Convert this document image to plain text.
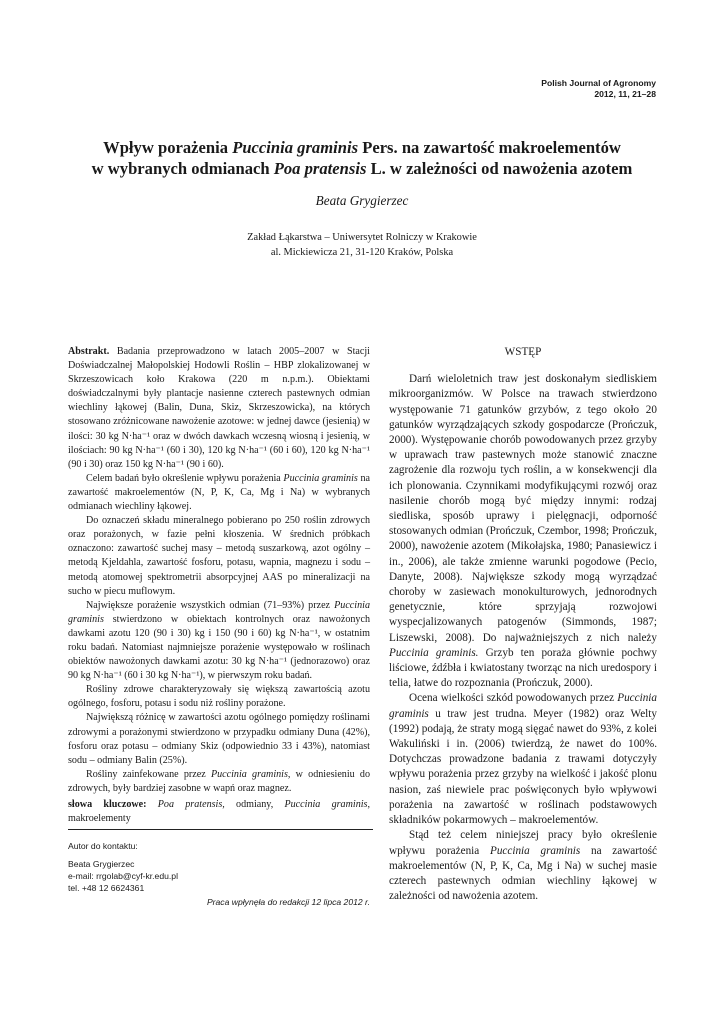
Polish Journal of Agronomy
2012, 11, 21–28
Wpływ porażenia Puccinia graminis Pers. na zawartość makroelementów
w wybranych odmianach Poa pratensis L. w zależności od nawożenia azotem
Beata Grygierzec
Zakład Łąkarstwa – Uniwersytet Rolniczy w Krakowie
al. Mickiewicza 21, 31-120 Kraków, Polska

Abstrakt. Badania przeprowadzono w latach 2005–2007 w Stacji Doświadczalnej Małopolskiej Hodowli Roślin – HBP zlokalizowanej w Skrzeszowicach koło Krakowa (220 m n.p.m.). Obiektami doświadczalnymi były plantacje nasienne czterech pastewnych odmian wiechliny łąkowej (Balin, Duna, Skiz, Skrzeszowicka), na których stosowano zróżnicowane nawożenie azotowe: w jednej dawce (jesienią) w ilości: 30 kg N·ha⁻¹ oraz w dwóch dawkach wczesną wiosną i jesienią, w ilościach: 90 kg N·ha⁻¹ (60 i 30), 120 kg N·ha⁻¹ (60 i 60), 120 kg N·ha⁻¹ (90 i 30) oraz 150 kg N·ha⁻¹ (90 i 60).

Celem badań było określenie wpływu porażenia Puccinia graminis na zawartość makroelementów (N, P, K, Ca, Mg i Na) w wybranych odmianach wiechliny łąkowej.

Do oznaczeń składu mineralnego pobierano po 250 roślin zdrowych oraz porażonych, w fazie pełni kłoszenia. W średnich próbkach oznaczono: zawartość suchej masy – metodą suszarkową, azot ogólny – metodą Kjeldahla, zawartość fosforu, potasu, wapnia, magnezu i sodu – metodą atomowej spektrometrii absorpcyjnej AAS po mineralizacji na sucho w piecu muflowym.

Największe porażenie wszystkich odmian (71–93%) przez Puccinia graminis stwierdzono w obiektach kontrolnych oraz nawożonych dawkami azotu 120 (90 i 30) kg i 150 (90 i 60) kg N·ha⁻¹, w ostatnim roku badań. Natomiast najmniejsze porażenie występowało w roślinach obiektów nawożonych dawkami azotu: 30 kg N·ha⁻¹ (jednorazowo) oraz 90 kg N·ha⁻¹ (60 i 30 kg N·ha⁻¹), w pierwszym roku badań.

Rośliny zdrowe charakteryzowały się większą zawartością azotu ogólnego, fosforu, potasu i sodu niż rośliny porażone.

Największą różnicę w zawartości azotu ogólnego pomiędzy roślinami zdrowymi a porażonymi stwierdzono w przypadku odmiany Duna (42%), fosforu oraz potasu – odmiany Skiz (odpowiednio 33 i 43%), natomiast sodu – odmiany Balin (25%).

Rośliny zainfekowane przez Puccinia graminis, w odniesieniu do zdrowych, były bardziej zasobne w wapń oraz magnez.

słowa kluczowe: Poa pratensis, odmiany, Puccinia graminis, makroelementy

WSTĘP

Darń wieloletnich traw jest doskonałym siedliskiem mikroorganizmów. W Polsce na trawach stwierdzono występowanie 71 gatunków grzybów, z tego około 20 gatunków wyrządzających szkody gospodarcze (Prończuk, 2000). Występowanie chorób powodowanych przez grzyby w uprawach traw pastewnych może stanowić znaczne zagrożenie dla rozwoju tych roślin, a w konsekwencji dla ich plonowania. Czynnikami modyfikującymi rozwój oraz nasilenie chorób mogą być między innymi: rodzaj siedliska, sposób uprawy i pielęgnacji, odporność stosowanych odmian (Prończuk, Czembor, 1998; Prończuk, 2000), nawożenie azotem (Mikołajska, 1980; Panasiewicz i in., 2006), ale także zmienne warunki pogodowe (Pecio, Danyte, 2008). Największe szkody mogą wyrządzać choroby w zasiewach monokulturowych, jednorodnych genetycznie, które sprzyjają rozwojowi wyspecjalizowanych patogenów (Simmonds, 1987; Liszewski, 2008). Do najważniejszych z nich należy Puccinia graminis. Grzyb ten poraża głównie pochwy liściowe, źdźbła i kwiatostany tworząc na nich uredospory i telia, łatwe do rozpoznania (Prończuk, 2000).

Ocena wielkości szkód powodowanych przez Puccinia graminis u traw jest trudna. Meyer (1982) oraz Welty (1992) podają, że straty mogą sięgać nawet do 93%, z kolei Wakuliński i in. (2006) twierdzą, że nawet do 100%. Dotychczas prowadzone badania z trawami dotyczyły wpływu porażenia przez grzyby na wielkość i jakość plonu nasion, zaś niewiele prac poświęconych było wpływowi porażenia na zawartość w roślinach podstawowych składników pokarmowych – makroelementów.

Stąd też celem niniejszej pracy było określenie wpływu porażenia Puccinia graminis na zawartość makroelementów (N, P, K, Ca, Mg i Na) w suchej masie czterech pastewnych odmian wiechliny łąkowej w zależności od nawożenia azotem.

Autor do kontaktu:
Beata Grygierzec
e-mail: rrgolab@cyf-kr.edu.pl
tel. +48 12 6624361
Praca wpłynęła do redakcji 12 lipca 2012 r.
